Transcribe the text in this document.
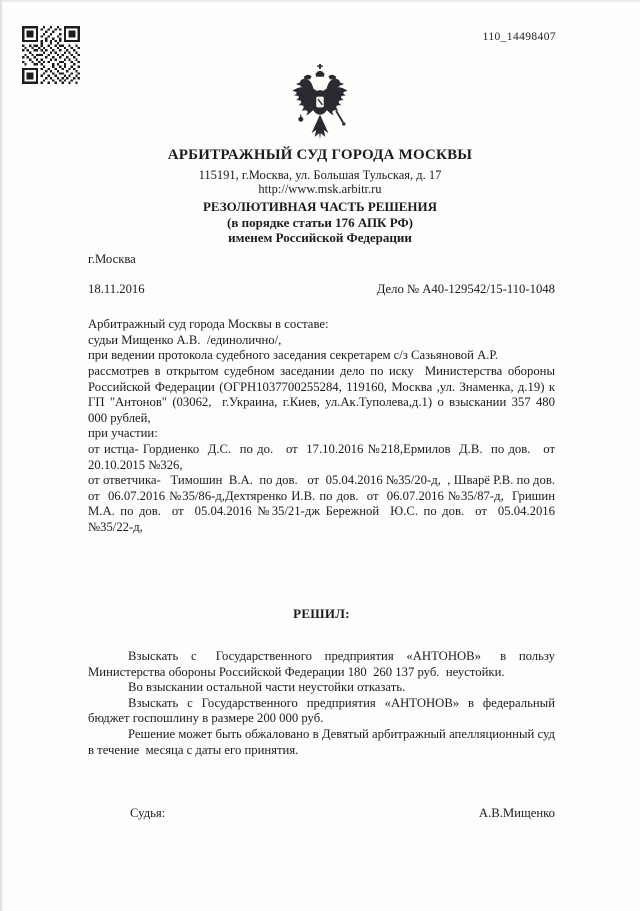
110_14498407
АРБИТРАЖНЫЙ СУД ГОРОДА МОСКВЫ
115191, г.Москва, ул. Большая Тульская, д. 17
http://www.msk.arbitr.ru
РЕЗОЛЮТИВНАЯ ЧАСТЬ РЕШЕНИЯ
(в порядке статьи 176 АПК РФ)
именем Российской Федерации
г.Москва
18.11.2016	Дело № А40-129542/15-110-1048
Арбитражный суд города Москвы в составе:
судьи Мищенко А.В.  /единолично/,
при ведении протокола судебного заседания секретарем с/з Сазьяновой А.Р.
рассмотрев в открытом судебном заседании дело по иску  Министерства обороны Российской Федерации (ОГРН1037700255284, 119160, Москва ,ул. Знаменка, д.19) к ГП "Антонов" (03062,  г.Украина, г.Киев, ул.Ак.Туполева,д.1) о взыскании 357 480 000 рублей,
при участии:
от истца- Гордиенко  Д.С.  по до.   от  17.10.2016 №218,Ермилов  Д.В.  по дов.   от 20.10.2015 №326,
от ответчика-   Тимошин  В.А.  по дов.   от  05.04.2016 №35/20-д,  , Шварё Р.В. по дов. от  06.07.2016 №35/86-д,Дехтяренко И.В. по дов.  от  06.07.2016 №35/87-д,  Гришин М.А. по дов.  от  05.04.2016 №35/21-дж Бережной  Ю.С. по дов.  от  05.04.2016 №35/22-д,
РЕШИЛ:

Взыскать  с   Государственного  предприятия  «АНТОНОВ»   в  пользу Министерства обороны Российской Федерации 180  260 137 руб.  неустойки.

Во взыскании остальной части неустойки отказать.

Взыскать  с  Государственного  предприятия  «АНТОНОВ»  в  федеральный бюджет госпошлину в размере 200 000 руб.

Решение может быть обжаловано в Девятый арбитражный апелляционный суд в течение  месяца с даты его принятия.

Судья:	А.В.Мищенко
